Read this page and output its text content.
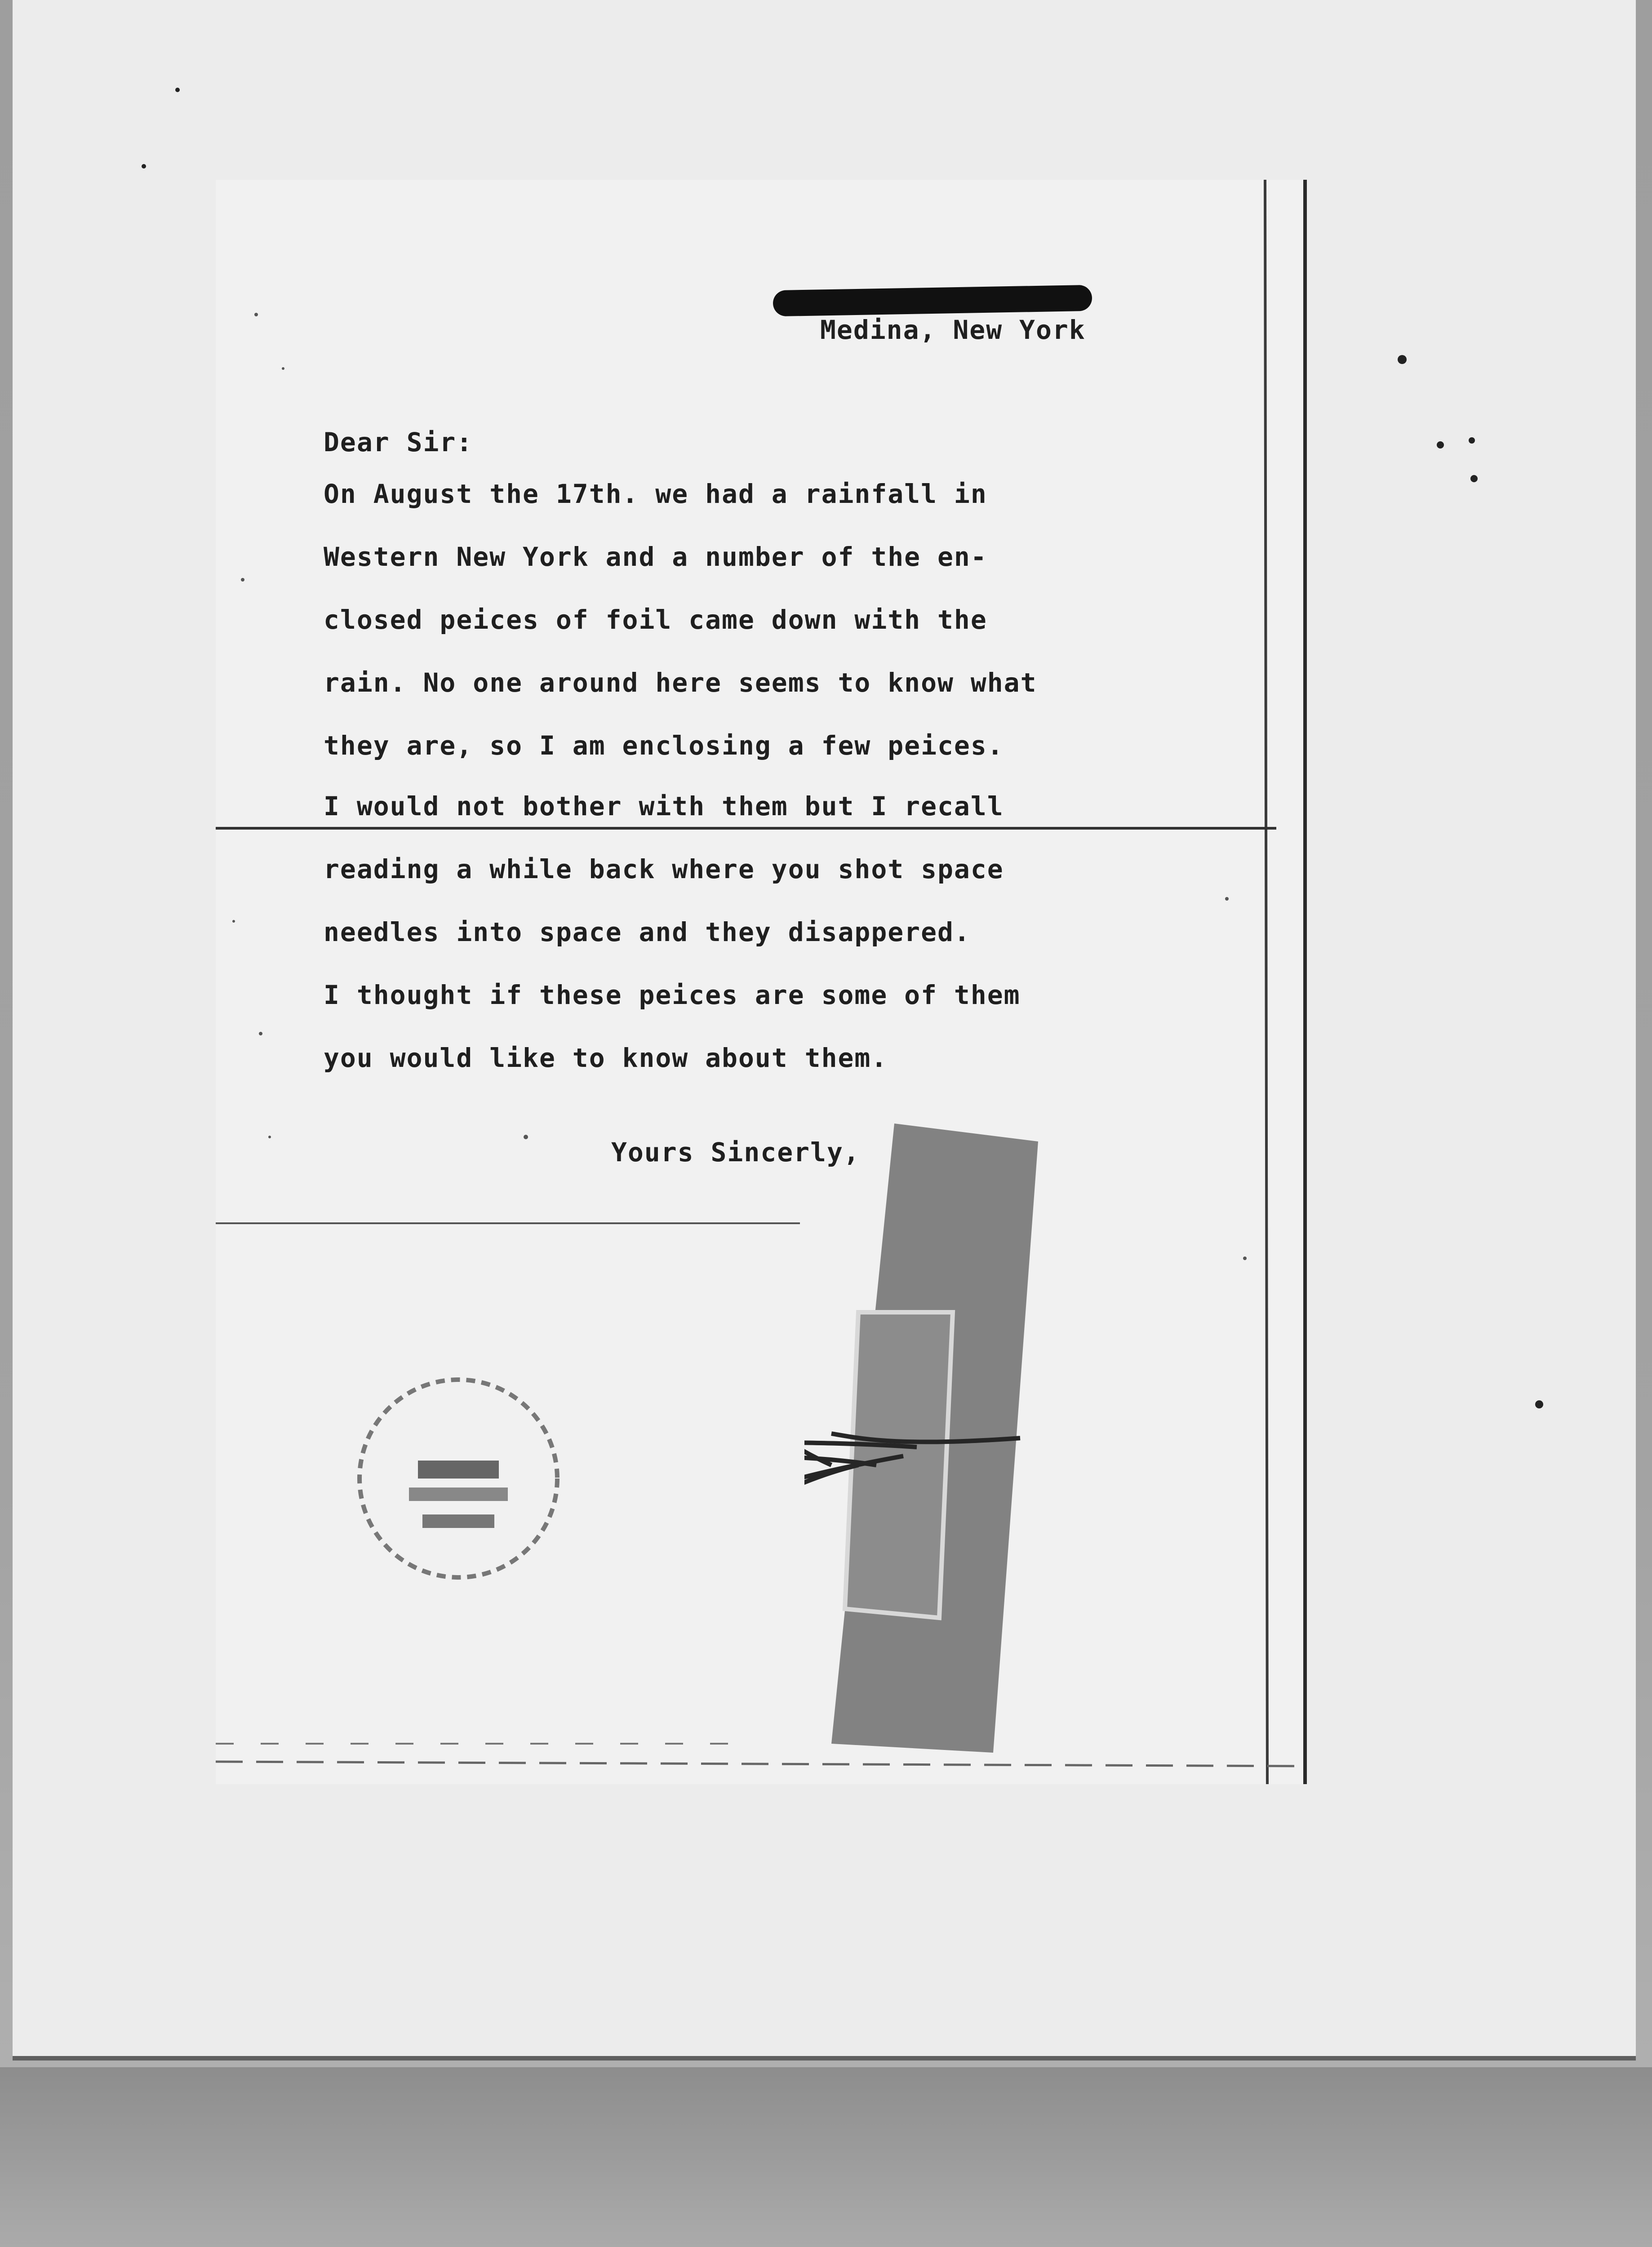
Medina, New York
Dear Sir:
On August the 17th. we had a rainfall in
Western New York and a number of the en-
closed peices of foil came down with the
rain. No one around here seems to know what
they are, so I am enclosing a few peices.
I would not bother with them but I recall
reading a while back where you shot space
needles into space and they disappered.
I thought if these peices are some of them
you would like to know about them.
Yours Sincerly,
